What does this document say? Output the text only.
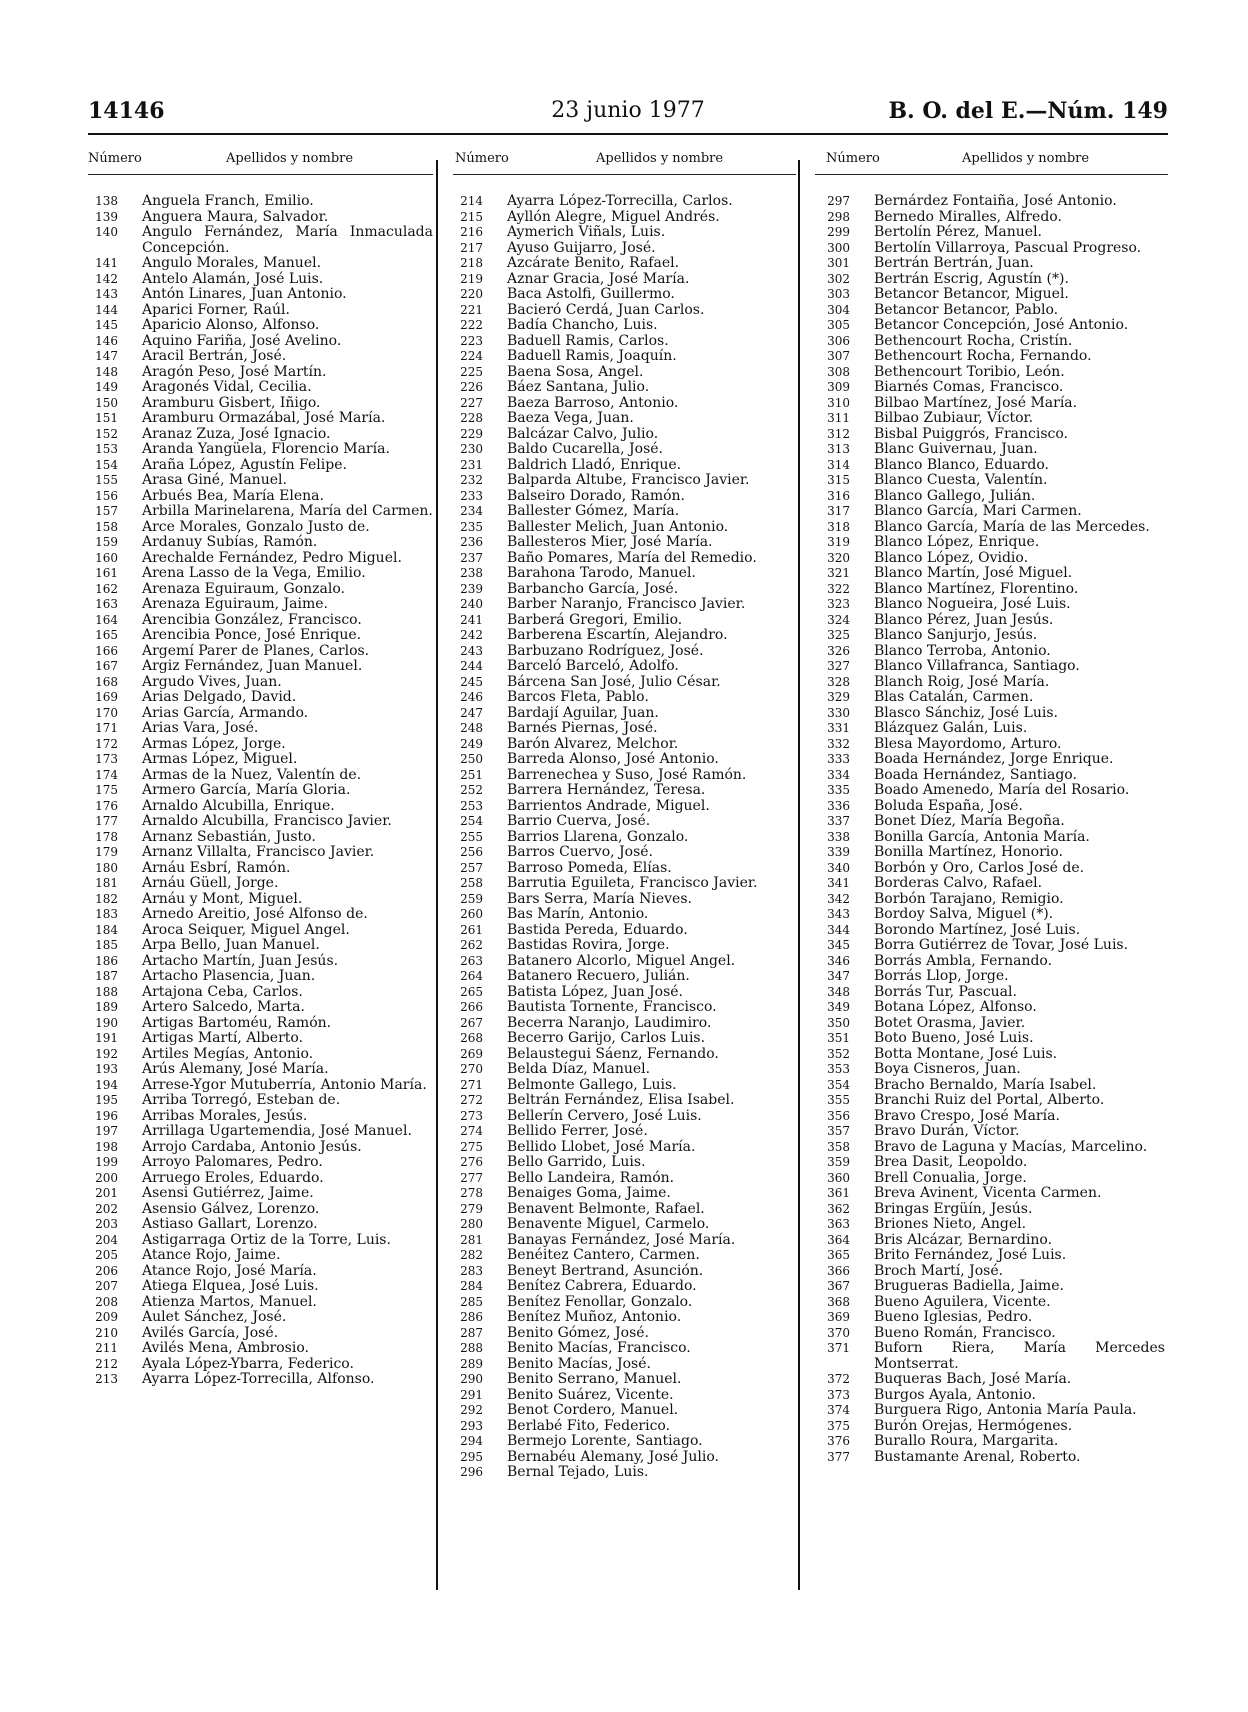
14146	23 junio 1977	B. O. del E.—Núm. 149
Número	Apellidos y nombre	Número	Apellidos y nombre	Número	Apellidos y nombre
138 Anguela Franch, Emilio.
139 Anguera Maura, Salvador.
140 Angulo Fernández, María Inmaculada Concepción.
141 Angulo Morales, Manuel.
142 Antelo Alamán, José Luis.
143 Antón Linares, Juan Antonio.
144 Aparici Forner, Raúl.
145 Aparicio Alonso, Alfonso.
146 Aquino Fariña, José Avelino.
147 Aracil Bertrán, José.
148 Aragón Peso, José Martín.
149 Aragonés Vidal, Cecilia.
150 Aramburu Gisbert, Iñigo.
151 Aramburu Ormazábal, José María.
152 Aranaz Zuza, José Ignacio.
153 Aranda Yangüela, Florencio María.
154 Araña López, Agustín Felipe.
155 Arasa Giné, Manuel.
156 Arbués Bea, María Elena.
157 Arbilla Marinelarena, María del Carmen.
158 Arce Morales, Gonzalo Justo de.
159 Ardanuy Subías, Ramón.
160 Arechalde Fernández, Pedro Miguel.
161 Arena Lasso de la Vega, Emilio.
162 Arenaza Eguiraum, Gonzalo.
163 Arenaza Eguiraum, Jaime.
164 Arencibia González, Francisco.
165 Arencibia Ponce, José Enrique.
166 Argemí Parer de Planes, Carlos.
167 Argiz Fernández, Juan Manuel.
168 Argudo Vives, Juan.
169 Arias Delgado, David.
170 Arias García, Armando.
171 Arias Vara, José.
172 Armas López, Jorge.
173 Armas López, Miguel.
174 Armas de la Nuez, Valentín de.
175 Armero García, María Gloria.
176 Arnaldo Alcubilla, Enrique.
177 Arnaldo Alcubilla, Francisco Javier.
178 Arnanz Sebastián, Justo.
179 Arnanz Villalta, Francisco Javier.
180 Arnáu Esbrí, Ramón.
181 Arnáu Güell, Jorge.
182 Arnáu y Mont, Miguel.
183 Arnedo Areitio, José Alfonso de.
184 Aroca Seiquer, Miguel Angel.
185 Arpa Bello, Juan Manuel.
186 Artacho Martín, Juan Jesús.
187 Artacho Plasencia, Juan.
188 Artajona Ceba, Carlos.
189 Artero Salcedo, Marta.
190 Artigas Bartoméu, Ramón.
191 Artigas Martí, Alberto.
192 Artiles Megías, Antonio.
193 Arús Alemany, José María.
194 Arrese-Ygor Mutuberría, Antonio María.
195 Arriba Torregó, Esteban de.
196 Arribas Morales, Jesús.
197 Arrillaga Ugartemendia, José Manuel.
198 Arrojo Cardaba, Antonio Jesús.
199 Arroyo Palomares, Pedro.
200 Arruego Eroles, Eduardo.
201 Asensi Gutiérrez, Jaime.
202 Asensio Gálvez, Lorenzo.
203 Astiaso Gallart, Lorenzo.
204 Astigarraga Ortiz de la Torre, Luis.
205 Atance Rojo, Jaime.
206 Atance Rojo, José María.
207 Atiega Elquea, José Luis.
208 Atienza Martos, Manuel.
209 Aulet Sánchez, José.
210 Avilés García, José.
211 Avilés Mena, Ambrosio.
212 Ayala López-Ybarra, Federico.
213 Ayarra López-Torrecilla, Alfonso.
214 Ayarra López-Torrecilla, Carlos.
215 Ayllón Alegre, Miguel Andrés.
216 Aymerich Viñals, Luis.
217 Ayuso Guijarro, José.
218 Azcárate Benito, Rafael.
219 Aznar Gracia, José María.
220 Baca Astolfi, Guillermo.
221 Bacieró Cerdá, Juan Carlos.
222 Badía Chancho, Luis.
223 Baduell Ramis, Carlos.
224 Baduell Ramis, Joaquín.
225 Baena Sosa, Angel.
226 Báez Santana, Julio.
227 Baeza Barroso, Antonio.
228 Baeza Vega, Juan.
229 Balcázar Calvo, Julio.
230 Baldo Cucarella, José.
231 Baldrich Lladó, Enrique.
232 Balparda Altube, Francisco Javier.
233 Balseiro Dorado, Ramón.
234 Ballester Gómez, María.
235 Ballester Melich, Juan Antonio.
236 Ballesteros Mier, José María.
237 Baño Pomares, María del Remedio.
238 Barahona Tarodo, Manuel.
239 Barbancho García, José.
240 Barber Naranjo, Francisco Javier.
241 Barberá Gregori, Emilio.
242 Barberena Escartín, Alejandro.
243 Barbuzano Rodríguez, José.
244 Barceló Barceló, Adolfo.
245 Bárcena San José, Julio César.
246 Barcos Fleta, Pablo.
247 Bardají Aguilar, Juan.
248 Barnés Piernas, José.
249 Barón Alvarez, Melchor.
250 Barreda Alonso, José Antonio.
251 Barrenechea y Suso, José Ramón.
252 Barrera Hernández, Teresa.
253 Barrientos Andrade, Miguel.
254 Barrio Cuerva, José.
255 Barrios Llarena, Gonzalo.
256 Barros Cuervo, José.
257 Barroso Pomeda, Elías.
258 Barrutia Eguileta, Francisco Javier.
259 Bars Serra, María Nieves.
260 Bas Marín, Antonio.
261 Bastida Pereda, Eduardo.
262 Bastidas Rovira, Jorge.
263 Batanero Alcorlo, Miguel Angel.
264 Batanero Recuero, Julián.
265 Batista López, Juan José.
266 Bautista Tornente, Francisco.
267 Becerra Naranjo, Laudimiro.
268 Becerro Garijo, Carlos Luis.
269 Belaustegui Sáenz, Fernando.
270 Belda Díaz, Manuel.
271 Belmonte Gallego, Luis.
272 Beltrán Fernández, Elisa Isabel.
273 Bellerín Cervero, José Luis.
274 Bellido Ferrer, José.
275 Bellido Llobet, José María.
276 Bello Garrido, Luis.
277 Bello Landeira, Ramón.
278 Benaiges Goma, Jaime.
279 Benavent Belmonte, Rafael.
280 Benavente Miguel, Carmelo.
281 Banayas Fernández, José María.
282 Benéitez Cantero, Carmen.
283 Beneyt Bertrand, Asunción.
284 Benítez Cabrera, Eduardo.
285 Benítez Fenollar, Gonzalo.
286 Benítez Muñoz, Antonio.
287 Benito Gómez, José.
288 Benito Macías, Francisco.
289 Benito Macías, José.
290 Benito Serrano, Manuel.
291 Benito Suárez, Vicente.
292 Benot Cordero, Manuel.
293 Berlabé Fito, Federico.
294 Bermejo Lorente, Santiago.
295 Bernabéu Alemany, José Julio.
296 Bernal Tejado, Luis.
297 Bernárdez Fontaiña, José Antonio.
298 Bernedo Miralles, Alfredo.
299 Bertolín Pérez, Manuel.
300 Bertolín Villarroya, Pascual Progreso.
301 Bertrán Bertrán, Juan.
302 Bertrán Escrig, Agustín (*).
303 Betancor Betancor, Miguel.
304 Betancor Betancor, Pablo.
305 Betancor Concepción, José Antonio.
306 Bethencourt Rocha, Cristín.
307 Bethencourt Rocha, Fernando.
308 Bethencourt Toribio, León.
309 Biarnés Comas, Francisco.
310 Bilbao Martínez, José María.
311 Bilbao Zubiaur, Víctor.
312 Bisbal Puiggrós, Francisco.
313 Blanc Guivernau, Juan.
314 Blanco Blanco, Eduardo.
315 Blanco Cuesta, Valentín.
316 Blanco Gallego, Julián.
317 Blanco García, Mari Carmen.
318 Blanco García, María de las Mercedes.
319 Blanco López, Enrique.
320 Blanco López, Ovidio.
321 Blanco Martín, José Miguel.
322 Blanco Martínez, Florentino.
323 Blanco Nogueira, José Luis.
324 Blanco Pérez, Juan Jesús.
325 Blanco Sanjurjo, Jesús.
326 Blanco Terroba, Antonio.
327 Blanco Villafranca, Santiago.
328 Blanch Roig, José María.
329 Blas Catalán, Carmen.
330 Blasco Sánchiz, José Luis.
331 Blázquez Galán, Luis.
332 Blesa Mayordomo, Arturo.
333 Boada Hernández, Jorge Enrique.
334 Boada Hernández, Santiago.
335 Boado Amenedo, María del Rosario.
336 Boluda España, José.
337 Bonet Díez, María Begoña.
338 Bonilla García, Antonia María.
339 Bonilla Martínez, Honorio.
340 Borbón y Oro, Carlos José de.
341 Borderas Calvo, Rafael.
342 Borbón Tarajano, Remigio.
343 Bordoy Salva, Miguel (*).
344 Borondo Martínez, José Luis.
345 Borra Gutiérrez de Tovar, José Luis.
346 Borrás Ambla, Fernando.
347 Borrás Llop, Jorge.
348 Borrás Tur, Pascual.
349 Botana López, Alfonso.
350 Botet Orasma, Javier.
351 Boto Bueno, José Luis.
352 Botta Montane, José Luis.
353 Boya Cisneros, Juan.
354 Bracho Bernaldo, María Isabel.
355 Branchi Ruiz del Portal, Alberto.
356 Bravo Crespo, José María.
357 Bravo Durán, Víctor.
358 Bravo de Laguna y Macías, Marcelino.
359 Brea Dasit, Leopoldo.
360 Brell Conualia, Jorge.
361 Breva Avinent, Vicenta Carmen.
362 Bringas Ergüín, Jesús.
363 Briones Nieto, Angel.
364 Bris Alcázar, Bernardino.
365 Brito Fernández, José Luis.
366 Broch Martí, José.
367 Brugueras Badiella, Jaime.
368 Bueno Aguilera, Vicente.
369 Bueno Iglesias, Pedro.
370 Bueno Román, Francisco.
371 Buforn Riera, María Mercedes Montserrat.
372 Buqueras Bach, José María.
373 Burgos Ayala, Antonio.
374 Burguera Rigo, Antonia María Paula.
375 Burón Orejas, Hermógenes.
376 Burallo Roura, Margarita.
377 Bustamante Arenal, Roberto.
